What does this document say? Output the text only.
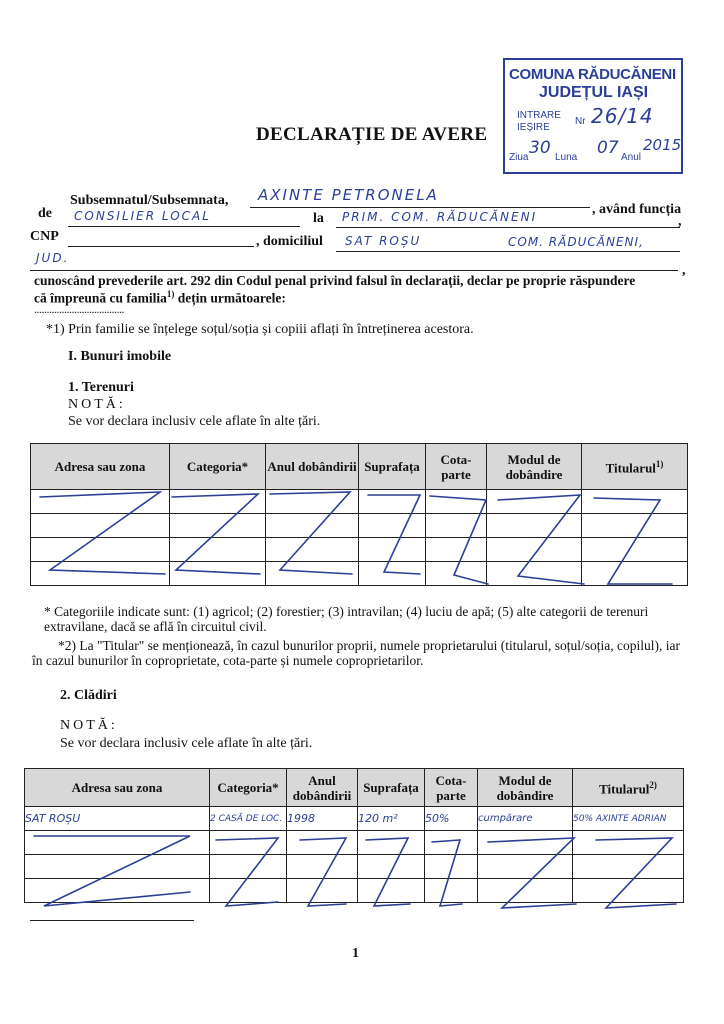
COMUNA RĂDUCĂNENI
JUDEȚUL IAȘI
INTRARE
IEȘIRE
Nr 26/14
Ziua 30 Luna 07 Anul
2015
DECLARAȚIE DE AVERE
Subsemnatul/Subsemnata, AXINTE PETRONELA
, având funcția
de CONSILIER LOCAL	la PRIM. COM. RĂDUCĂNENI	,
CNP	, domiciliul SAT ROȘU	COM. RĂDUCĂNENI,
JUD.
,
cunoscând prevederile art. 292 din Codul penal privind falsul în declarații, declar pe proprie răspundere
că împreună cu familia$^{1)}$ dețin următoarele:
....................................
*1) Prin familie se înțelege soțul/soția și copiii aflați în întreținerea acestora.
I. Bunuri imobile
1. Terenuri
NOTĂ:
Se vor declara inclusiv cele aflate în alte țări.
Adresa sau zona	Categoria*	Anul dobândirii	Suprafața	Cota-parte	Modul de dobândire	Titularul$^{1)}$

* Categoriile indicate sunt: (1) agricol; (2) forestier; (3) intravilan; (4) luciu de apă; (5) alte categorii de terenuri extravilane, dacă se află în circuitul civil.
*2) La "Titular" se menționează, în cazul bunurilor proprii, numele proprietarului (titularul, soțul/soția, copilul), iar în cazul bunurilor în coproprietate, cota-parte și numele coproprietarilor.
2. Clădiri
NOTĂ:
Se vor declara inclusiv cele aflate în alte țări.
Adresa sau zona	Categoria*	Anul dobândirii	Suprafața	Cota-parte	Modul de dobândire	Titularul$^{2)}$
SAT ROȘU	2 CASĂ DE LOC.	1998	120 m²	50%	cumpărare	50% AXINTE ADRIAN

1
